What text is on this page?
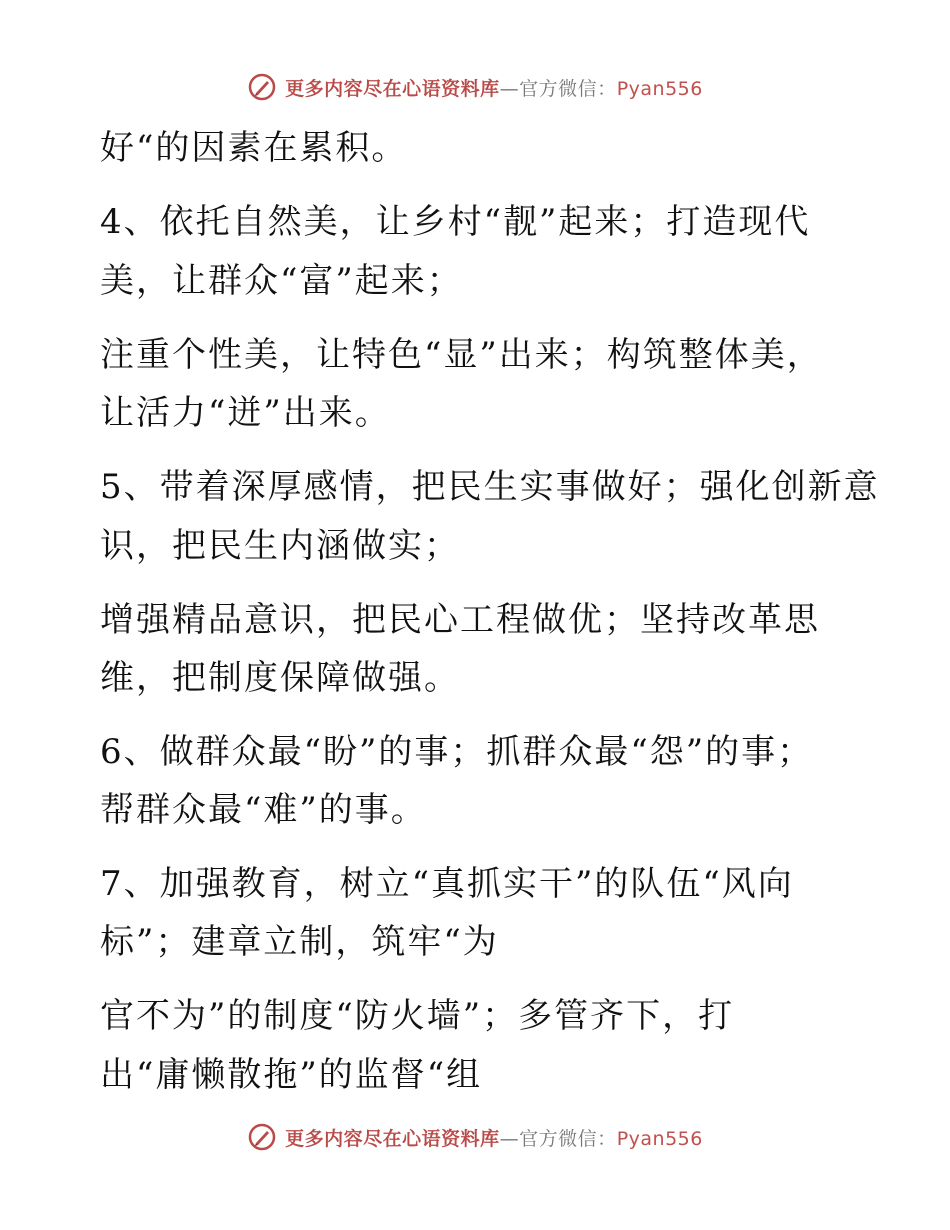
更多内容尽在心语资料库—官方微信：Pyan556
好“的因素在累积。
4、依托自然美，让乡村“靓”起来；打造现代
美，让群众“富”起来；
注重个性美，让特色“显”出来；构筑整体美，
让活力“迸”出来。
5、带着深厚感情，把民生实事做好；强化创新意
识，把民生内涵做实；
增强精品意识，把民心工程做优；坚持改革思
维，把制度保障做强。
6、做群众最“盼”的事；抓群众最“怨”的事；
帮群众最“难”的事。
7、加强教育，树立“真抓实干”的队伍“风向
标”；建章立制，筑牢“为
官不为”的制度“防火墙”；多管齐下，打
出“庸懒散拖”的监督“组
更多内容尽在心语资料库—官方微信：Pyan556
